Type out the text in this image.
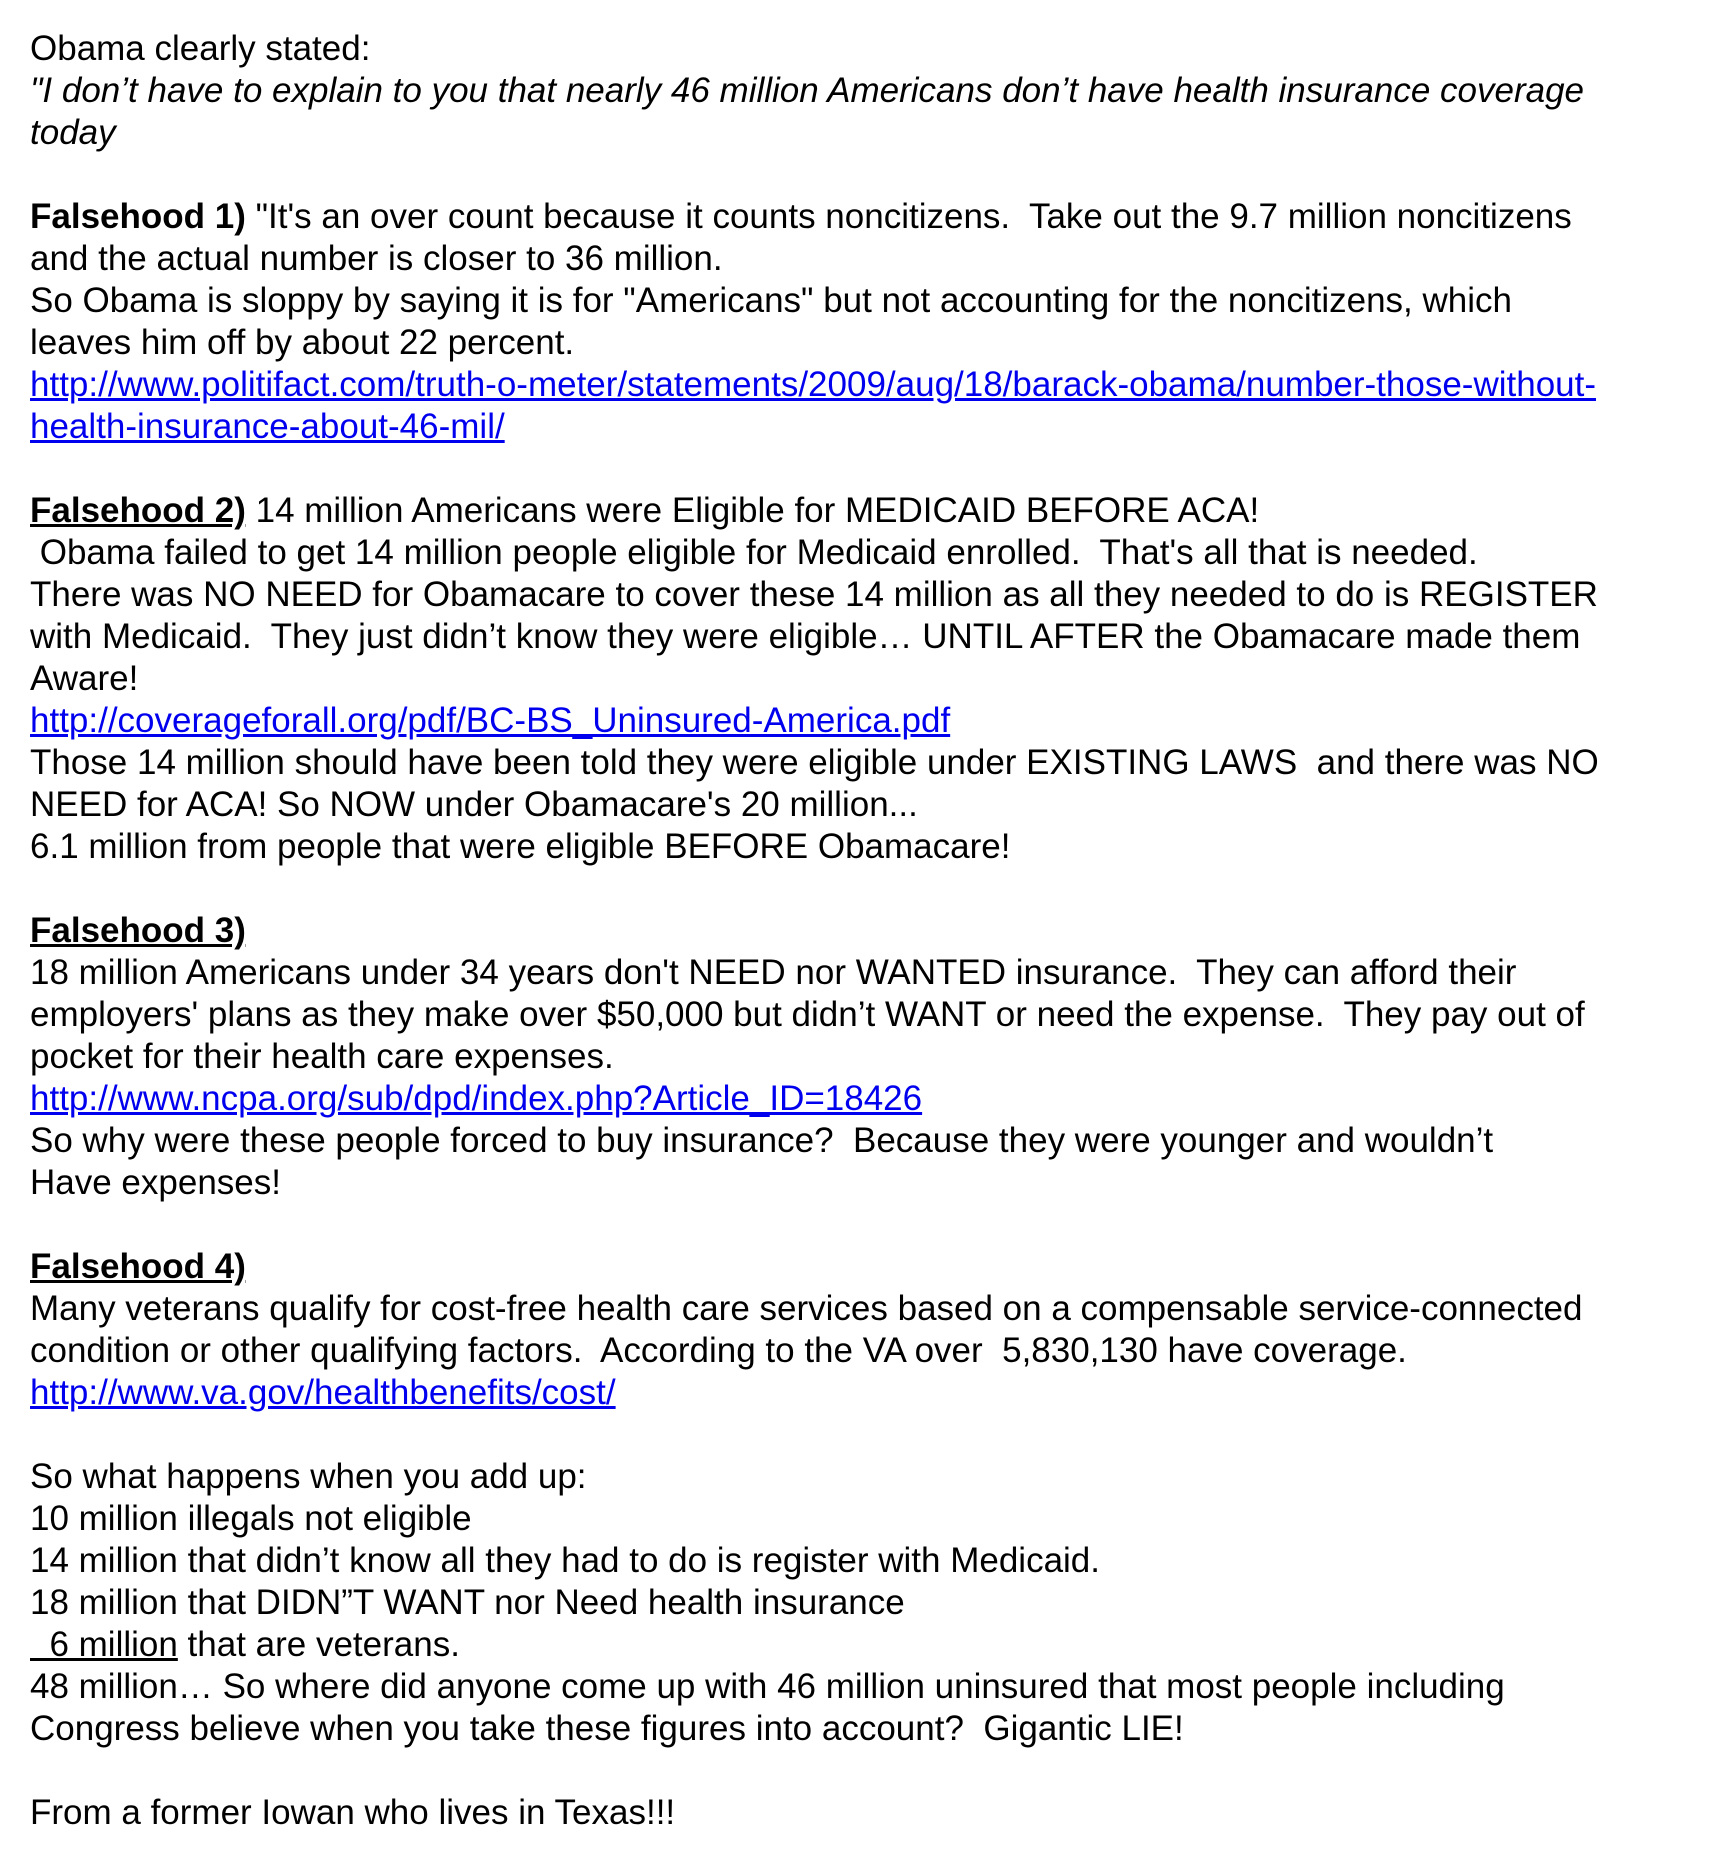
Obama clearly stated:
"I don’t have to explain to you that nearly 46 million Americans don’t have health insurance coverage
today
Falsehood 1) "It's an over count because it counts noncitizens.  Take out the 9.7 million noncitizens
and the actual number is closer to 36 million.
So Obama is sloppy by saying it is for "Americans" but not accounting for the noncitizens, which
leaves him off by about 22 percent.
http://www.politifact.com/truth-o-meter/statements/2009/aug/18/barack-obama/number-those-without-
health-insurance-about-46-mil/
Falsehood 2) 14 million Americans were Eligible for MEDICAID BEFORE ACA!
Obama failed to get 14 million people eligible for Medicaid enrolled.  That's all that is needed.
There was NO NEED for Obamacare to cover these 14 million as all they needed to do is REGISTER
with Medicaid.  They just didn’t know they were eligible… UNTIL AFTER the Obamacare made them
Aware!
http://coverageforall.org/pdf/BC-BS_Uninsured-America.pdf
Those 14 million should have been told they were eligible under EXISTING LAWS  and there was NO
NEED for ACA! So NOW under Obamacare's 20 million...
6.1 million from people that were eligible BEFORE Obamacare!
Falsehood 3)
18 million Americans under 34 years don't NEED nor WANTED insurance.  They can afford their
employers' plans as they make over $50,000 but didn’t WANT or need the expense.  They pay out of
pocket for their health care expenses.
http://www.ncpa.org/sub/dpd/index.php?Article_ID=18426
So why were these people forced to buy insurance?  Because they were younger and wouldn’t
Have expenses!
Falsehood 4)
Many veterans qualify for cost-free health care services based on a compensable service-connected
condition or other qualifying factors.  According to the VA over  5,830,130 have coverage.
http://www.va.gov/healthbenefits/cost/
So what happens when you add up:
10 million illegals not eligible
14 million that didn’t know all they had to do is register with Medicaid.
18 million that DIDN”T WANT nor Need health insurance
6 million that are veterans.
48 million… So where did anyone come up with 46 million uninsured that most people including
Congress believe when you take these figures into account?  Gigantic LIE!
From a former Iowan who lives in Texas!!!
